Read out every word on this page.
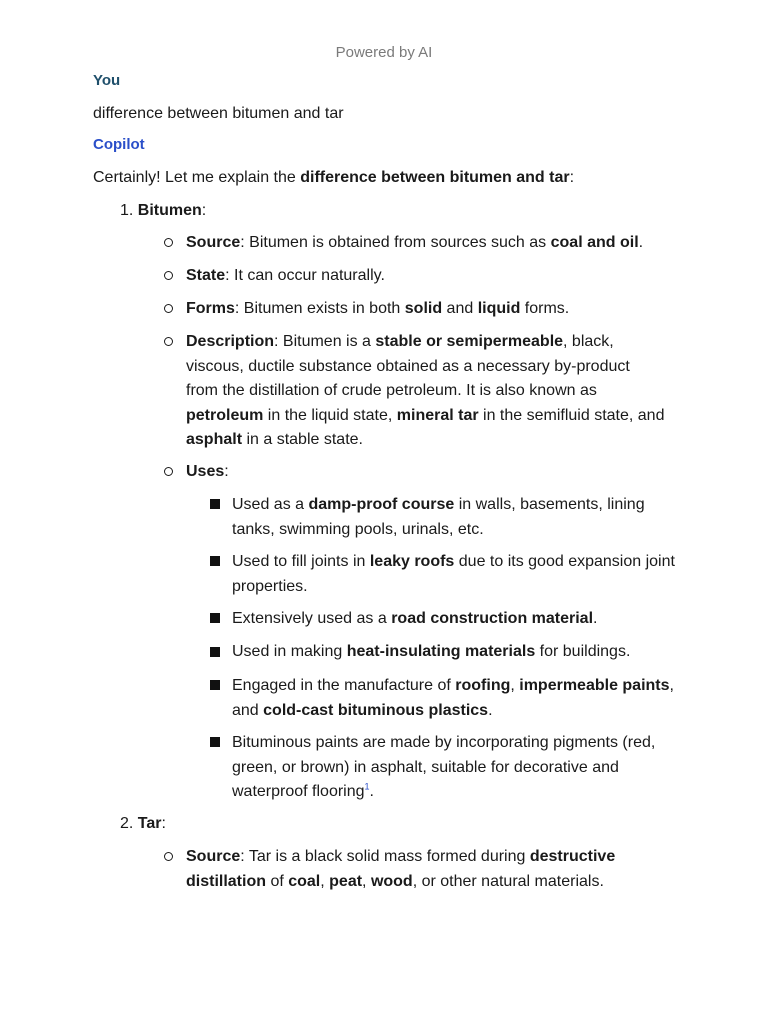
Powered by AI
You
difference between bitumen and tar
Copilot
Certainly! Let me explain the difference between bitumen and tar:
1. Bitumen:
Source: Bitumen is obtained from sources such as coal and oil.
State: It can occur naturally.
Forms: Bitumen exists in both solid and liquid forms.
Description: Bitumen is a stable or semipermeable, black, viscous, ductile substance obtained as a necessary by-product from the distillation of crude petroleum. It is also known as petroleum in the liquid state, mineral tar in the semifluid state, and asphalt in a stable state.
Uses:
Used as a damp-proof course in walls, basements, lining tanks, swimming pools, urinals, etc.
Used to fill joints in leaky roofs due to its good expansion joint properties.
Extensively used as a road construction material.
Used in making heat-insulating materials for buildings.
Engaged in the manufacture of roofing, impermeable paints, and cold-cast bituminous plastics.
Bituminous paints are made by incorporating pigments (red, green, or brown) in asphalt, suitable for decorative and waterproof flooring$^1$.
2. Tar:
Source: Tar is a black solid mass formed during destructive distillation of coal, peat, wood, or other natural materials.
